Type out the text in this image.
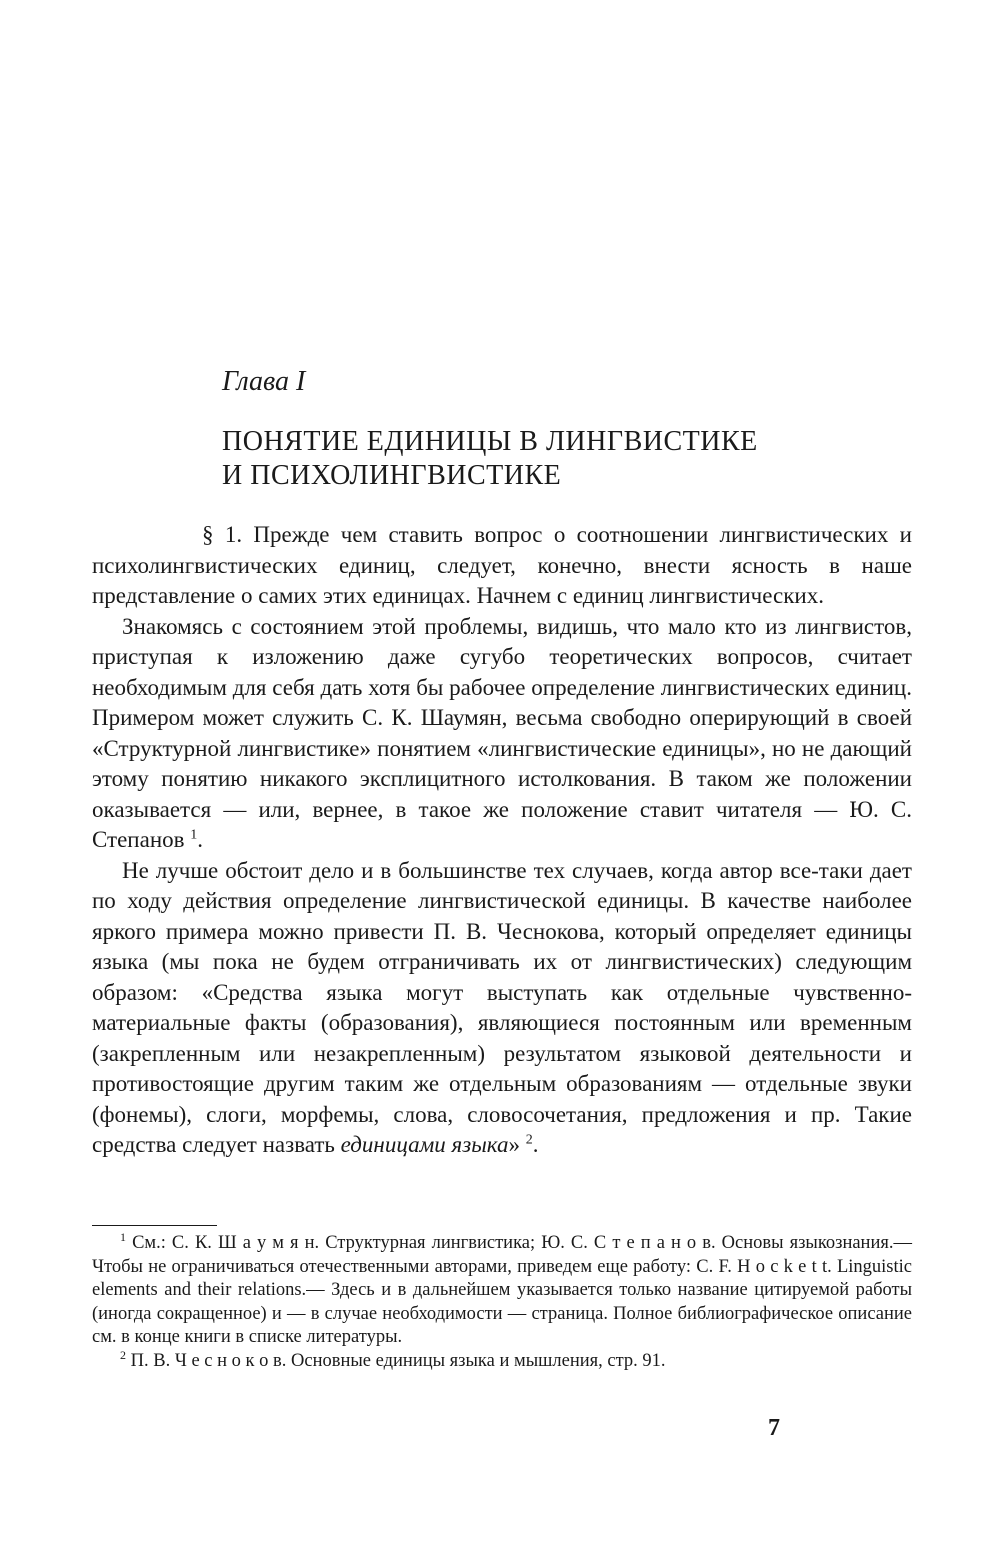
Глава I
ПОНЯТИЕ ЕДИНИЦЫ В ЛИНГВИСТИКЕ
И ПСИХОЛИНГВИСТИКЕ

§ 1. Прежде чем ставить вопрос о соотношении лингвистических и психолингвистических единиц, следует, конечно, внести ясность в наше представление о самих этих единицах. Начнем с единиц лингвистических.

Знакомясь с состоянием этой проблемы, видишь, что мало кто из лингвистов, приступая к изложению даже сугубо теоретических вопросов, считает необходимым для себя дать хотя бы рабочее определение лингвистических единиц. Примером может служить С. К. Шаумян, весьма свободно оперирующий в своей «Структурной лингвистике» понятием «лингвистические единицы», но не дающий этому понятию никакого эксплицитного истолкования. В таком же положении оказывается — или, вернее, в такое же положение ставит читателя — Ю. С. Степанов $^1$.

Не лучше обстоит дело и в большинстве тех случаев, когда автор все-таки дает по ходу действия определение лингвистической единицы. В качестве наиболее яркого примера можно привести П. В. Чеснокова, который определяет единицы языка (мы пока не будем отграничивать их от лингвистических) следующим образом: «Средства языка могут выступать как отдельные чувственно-материальные факты (образования), являющиеся постоянным или временным (закрепленным или незакрепленным) результатом языковой деятельности и противостоящие другим таким же отдельным образованиям — отдельные звуки (фонемы), слоги, морфемы, слова, словосочетания, предложения и пр. Такие средства следует назвать единицами языка» $^2$.

$^1$ См.: С. К. Ш а у м я н. Структурная лингвистика; Ю. С. С т е п а н о в. Основы языкознания.— Чтобы не ограничиваться отечественными авторами, приведем еще работу: C. F. H o c k e t t. Linguistic elements and their relations.— Здесь и в дальнейшем указывается только название цитируемой работы (иногда сокращенное) и — в случае необходимости — страница. Полное библиографическое описание см. в конце книги в списке литературы.

$^2$ П. В. Ч е с н о к о в. Основные единицы языка и мышления, стр. 91.

7
